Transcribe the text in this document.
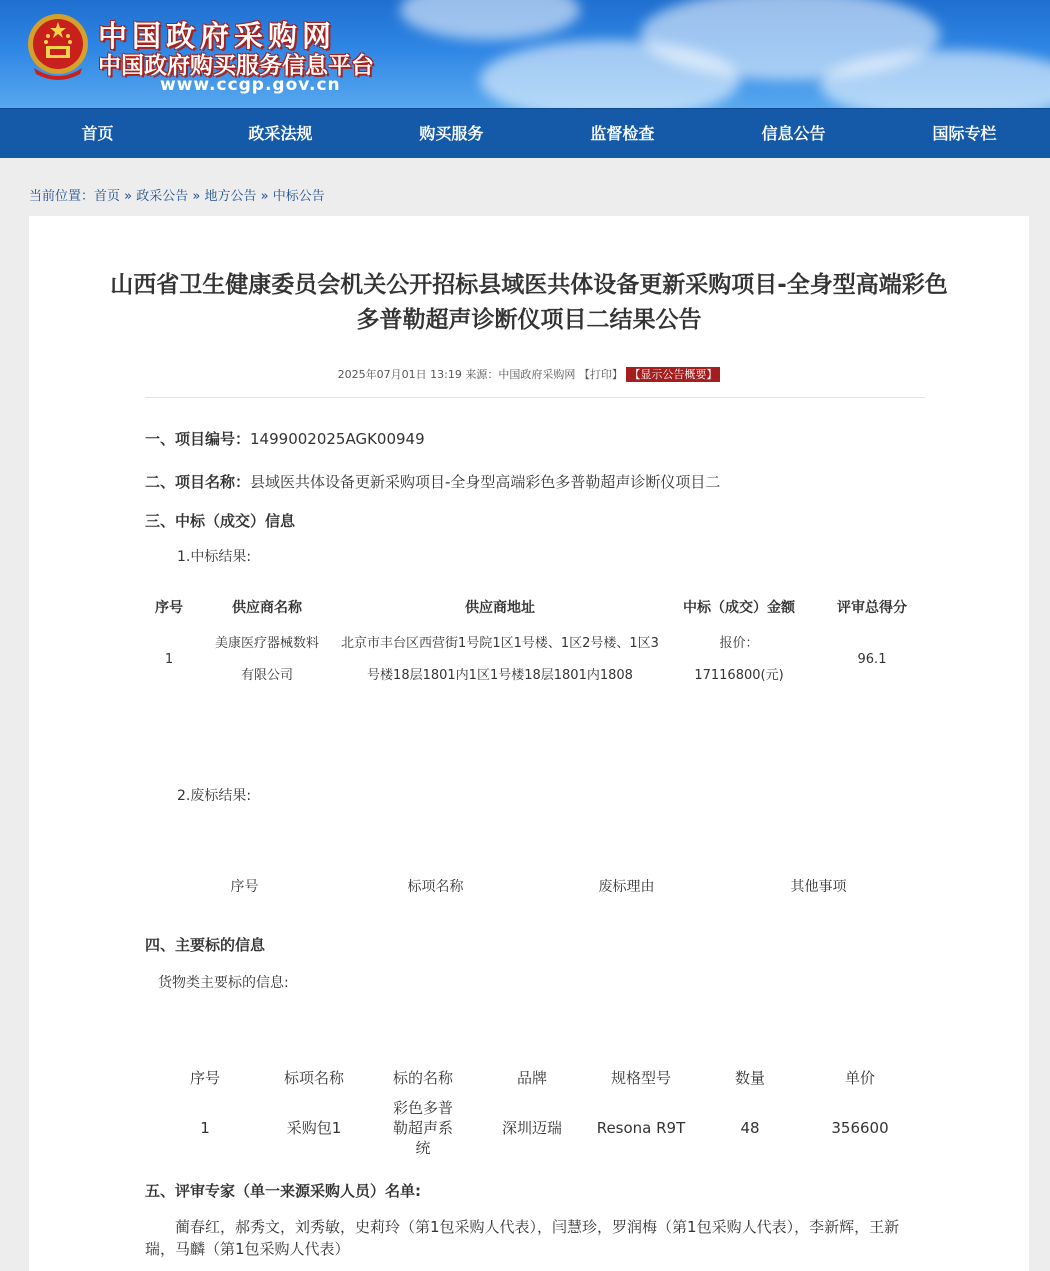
中国政府采购网
中国政府购买服务信息平台
www.ccgp.gov.cn
首页	政采法规	购买服务	监督检查	信息公告	国际专栏
当前位置：首页 » 政采公告 » 地方公告 » 中标公告
山西省卫生健康委员会机关公开招标县域医共体设备更新采购项目-全身型高端彩色
多普勒超声诊断仪项目二结果公告
2025年07月01日 13:19 来源：中国政府采购网 【打印】 【显示公告概要】
一、项目编号：1499002025AGK00949
二、项目名称：县域医共体设备更新采购项目-全身型高端彩色多普勒超声诊断仪项目二
三、中标（成交）信息
1.中标结果:
序号	供应商名称	供应商地址	中标（成交）金额	评审总得分
1	美康医疗器械数料有限公司	北京市丰台区西营街1号院1区1号楼、1区2号楼、1区3号楼18层1801内1区1号楼18层1801内1808	报价：17116800(元)	96.1
2.废标结果:
序号	标项名称	废标理由	其他事项
四、主要标的信息
货物类主要标的信息:
序号	标项名称	标的名称	品牌	规格型号	数量	单价
1	采购包1	彩色多普勒超声系统	深圳迈瑞	Resona R9T	48	356600
五、评审专家（单一来源采购人员）名单:
蔺春红，郝秀文，刘秀敏，史莉玲（第1包采购人代表），闫慧珍，罗润梅（第1包采购人代表），李新辉，王新瑞，马麟（第1包采购人代表）
